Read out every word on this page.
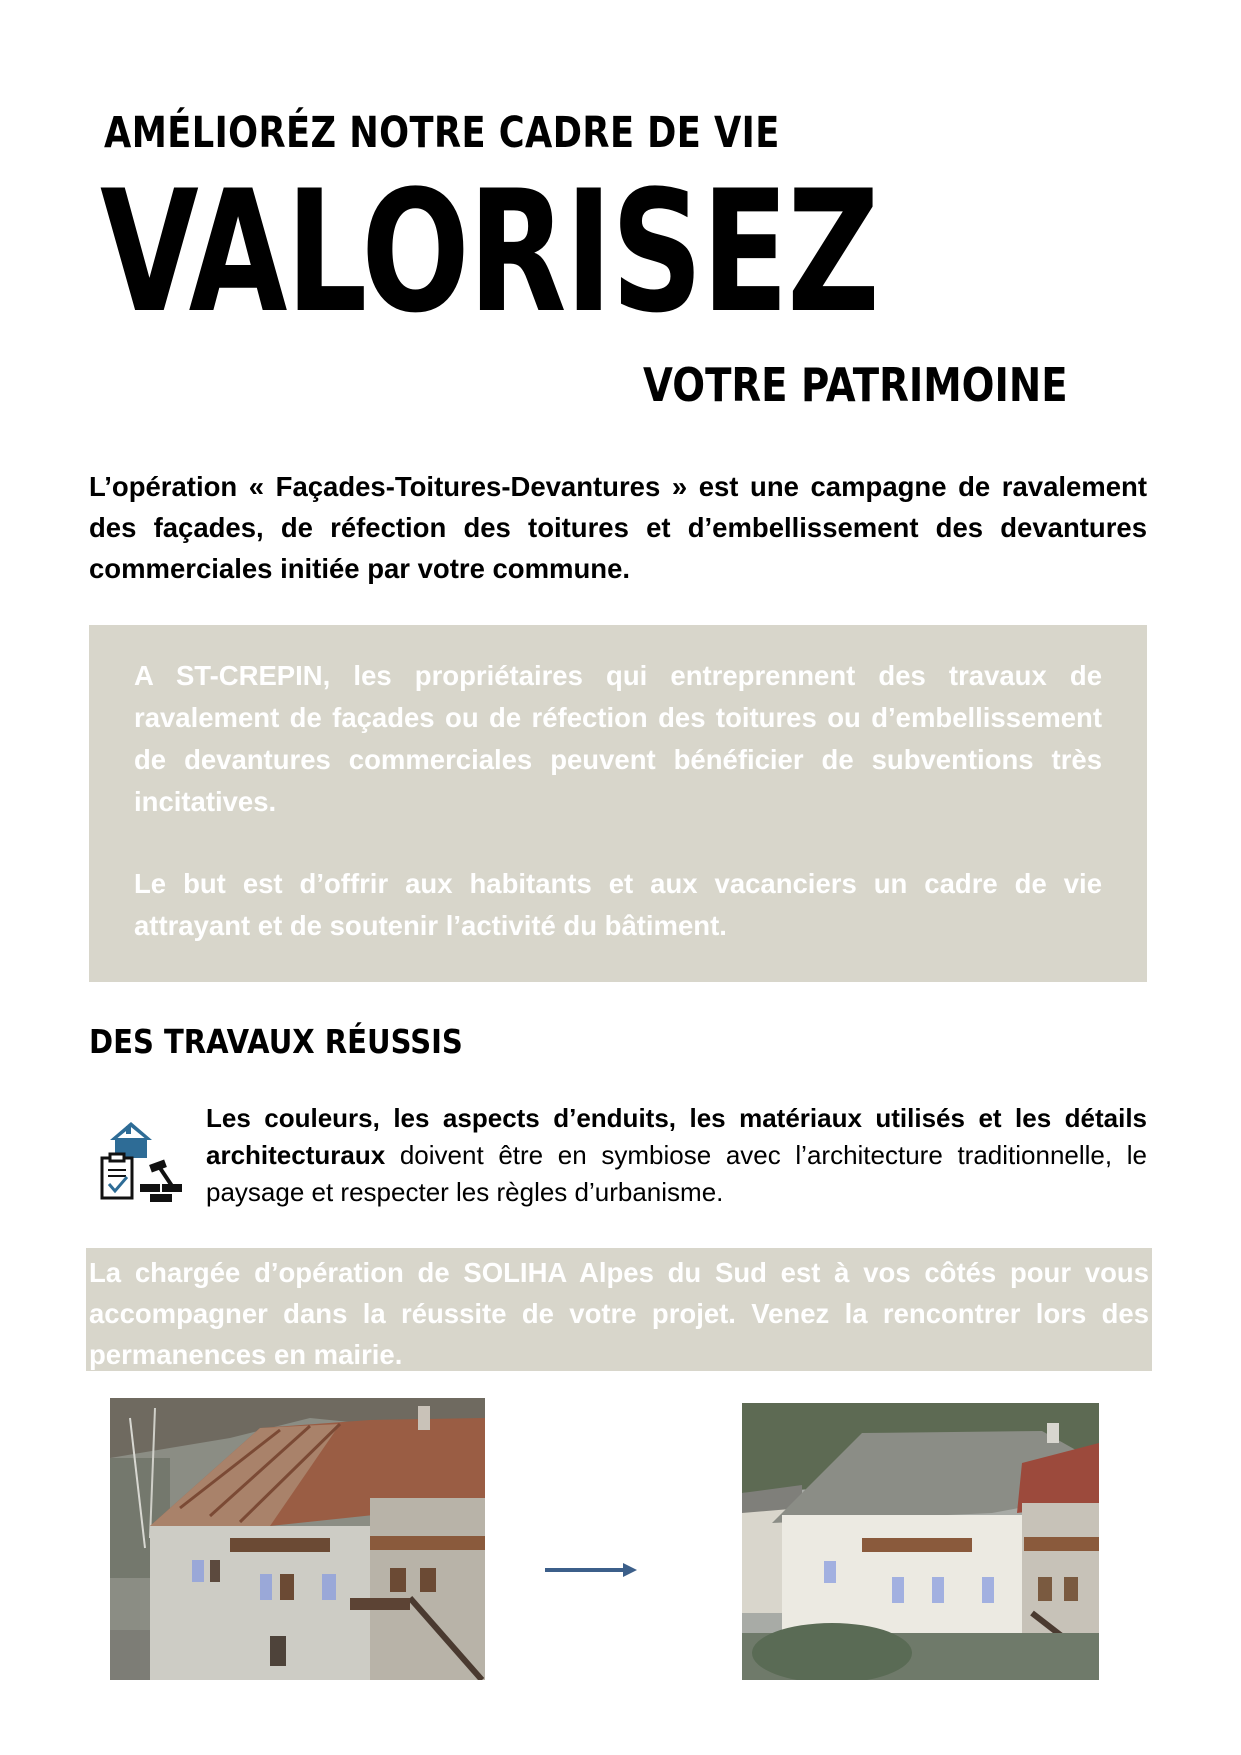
AMÉLIORÉZ NOTRE CADRE DE VIE
VALORISEZ
VOTRE PATRIMOINE
L’opération « Façades-Toitures-Devantures » est une campagne de ravalement des façades, de réfection des toitures et d’embellissement des devantures commerciales initiée par votre commune.
A ST-CREPIN, les propriétaires qui entreprennent des travaux de ravalement de façades ou de réfection des toitures ou d’embellissement de devantures commerciales peuvent bénéficier de subventions très incitatives.
Le but est d’offrir aux habitants et aux vacanciers un cadre de vie attrayant et de soutenir l’activité du bâtiment.
DES TRAVAUX RÉUSSIS
Les couleurs, les aspects d’enduits, les matériaux utilisés et les détails architecturaux doivent être en symbiose avec l’architecture traditionnelle, le paysage et respecter les règles d’urbanisme.
La chargée d’opération de SOLIHA Alpes du Sud est à vos côtés pour vous accompagner dans la réussite de votre projet. Venez la rencontrer lors des permanences en mairie.
